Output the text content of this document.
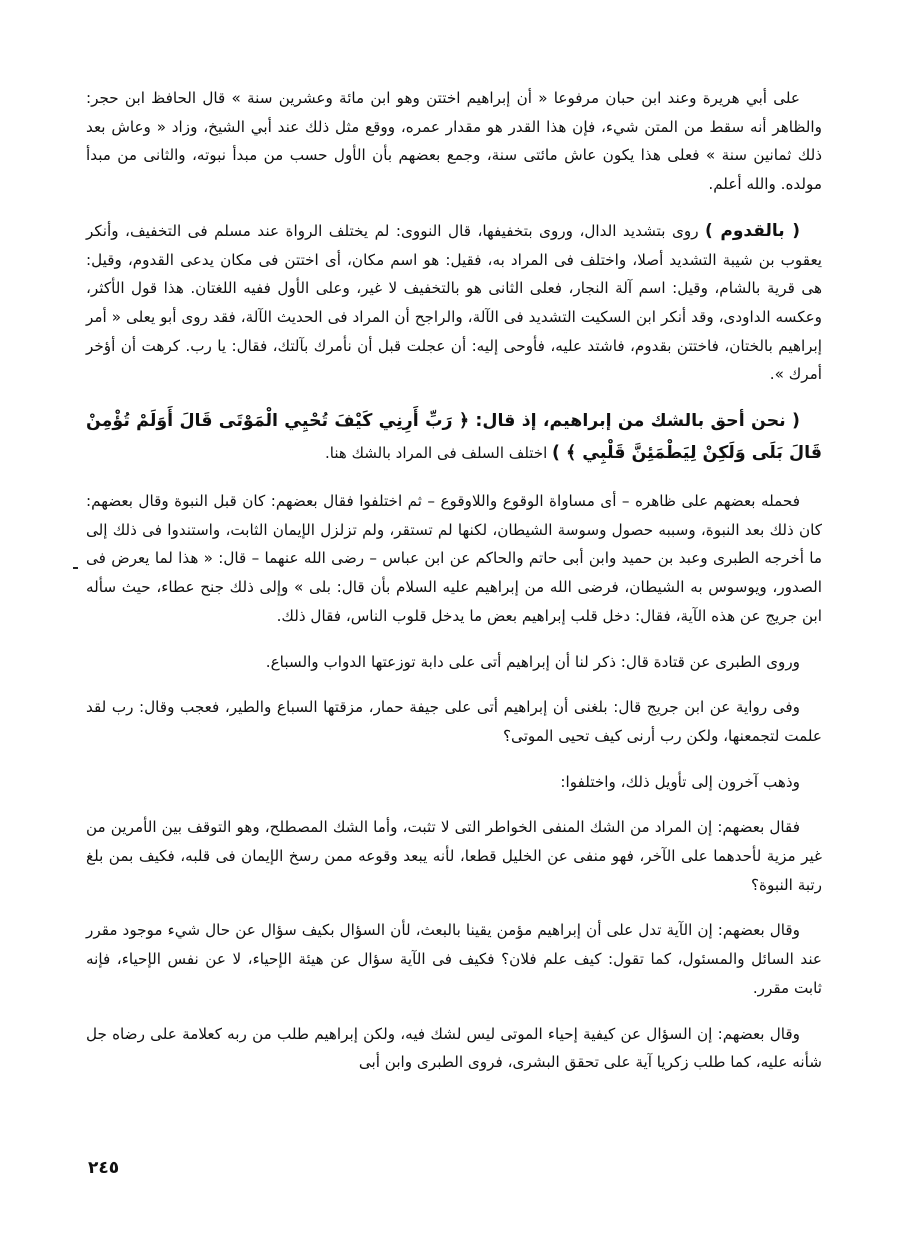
على أبي هريرة وعند ابن حبان مرفوعا « أن إبراهيم اختتن وهو ابن مائة وعشرين سنة » قال الحافظ ابن حجر: والظاهر أنه سقط من المتن شيء، فإن هذا القدر هو مقدار عمره، ووقع مثل ذلك عند أبي الشيخ، وزاد « وعاش بعد ذلك ثمانين سنة » فعلى هذا يكون عاش مائتى سنة، وجمع بعضهم بأن الأول حسب من مبدأ نبوته، والثانى من مبدأ مولده. والله أعلم.

( بالقدوم ) روى بتشديد الدال، وروى بتخفيفها، قال النووى: لم يختلف الرواة عند مسلم فى التخفيف، وأنكر يعقوب بن شيبة التشديد أصلا، واختلف فى المراد به، فقيل: هو اسم مكان، أى اختتن فى مكان يدعى القدوم، وقيل: هى قرية بالشام، وقيل: اسم آلة النجار، فعلى الثانى هو بالتخفيف لا غير، وعلى الأول ففيه اللغتان. هذا قول الأكثر، وعكسه الداودى، وقد أنكر ابن السكيت التشديد فى الآلة، والراجح أن المراد فى الحديث الآلة، فقد روى أبو يعلى « أمر إبراهيم بالختان، فاختتن بقدوم، فاشتد عليه، فأوحى إليه: أن عجلت قبل أن نأمرك بآلتك، فقال: يا رب. كرهت أن أؤخر أمرك ».

( نحن أحق بالشك من إبراهيم، إذ قال: ﴿ رَبِّ أَرِنِي كَيْفَ تُحْيِي الْمَوْتَى قَالَ أَوَلَمْ تُؤْمِنْ قَالَ بَلَى وَلَكِنْ لِيَطْمَئِنَّ قَلْبِي ﴾ ) اختلف السلف فى المراد بالشك هنا.

فحمله بعضهم على ظاهره – أى مساواة الوقوع واللاوقوع – ثم اختلفوا فقال بعضهم: كان قبل النبوة وقال بعضهم: كان ذلك بعد النبوة، وسببه حصول وسوسة الشيطان، لكنها لم تستقر، ولم تزلزل الإيمان الثابت، واستندوا فى ذلك إلى ما أخرجه الطبرى وعبد بن حميد وابن أبى حاتم والحاكم عن ابن عباس – رضى الله عنهما – قال: « هذا لما يعرض فى الصدور، ويوسوس به الشيطان، فرضى الله من إبراهيم عليه السلام بأن قال: بلى » وإلى ذلك جنح عطاء، حيث سأله ابن جريج عن هذه الآية، فقال: دخل قلب إبراهيم بعض ما يدخل قلوب الناس، فقال ذلك.

وروى الطبرى عن قتادة قال: ذكر لنا أن إبراهيم أتى على دابة توزعتها الدواب والسباع.

وفى رواية عن ابن جريج قال: بلغنى أن إبراهيم أتى على جيفة حمار، مزقتها السباع والطير، فعجب وقال: رب لقد علمت لتجمعنها، ولكن رب أرنى كيف تحيى الموتى؟

وذهب آخرون إلى تأويل ذلك، واختلفوا:

فقال بعضهم: إن المراد من الشك المنفى الخواطر التى لا تثبت، وأما الشك المصطلح، وهو التوقف بين الأمرين من غير مزية لأحدهما على الآخر، فهو منفى عن الخليل قطعا، لأنه يبعد وقوعه ممن رسخ الإيمان فى قلبه، فكيف بمن بلغ رتبة النبوة؟

وقال بعضهم: إن الآية تدل على أن إبراهيم مؤمن يقينا بالبعث، لأن السؤال بكيف سؤال عن حال شيء موجود مقرر عند السائل والمسئول، كما تقول: كيف علم فلان؟ فكيف فى الآية سؤال عن هيئة الإحياء، لا عن نفس الإحياء، فإنه ثابت مقرر.

وقال بعضهم: إن السؤال عن كيفية إحياء الموتى ليس لشك فيه، ولكن إبراهيم طلب من ربه كعلامة على رضاه جل شأنه عليه، كما طلب زكريا آية على تحقق البشرى، فروى الطبرى وابن أبى

٢٤٥
